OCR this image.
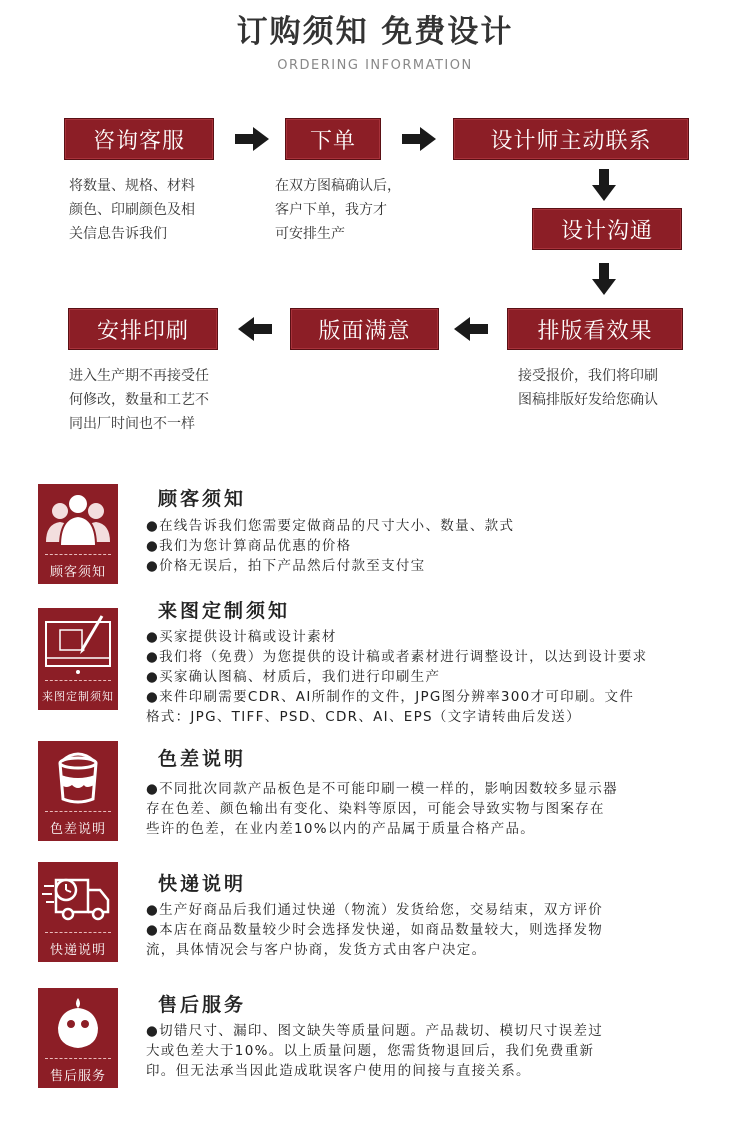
订购须知 免费设计
ORDERING INFORMATION
咨询客服	下单	设计师主动联系
设计沟通
排版看效果
版面满意
安排印刷
将数量、规格、材料
颜色、印刷颜色及相
关信息告诉我们
在双方图稿确认后，
客户下单，我方才
可安排生产
接受报价，我们将印刷
图稿排版好发给您确认
进入生产期不再接受任
何修改，数量和工艺不
同出厂时间也不一样
顾客须知
顾客须知
●在线告诉我们您需要定做商品的尺寸大小、数量、款式
●我们为您计算商品优惠的价格
●价格无误后，拍下产品然后付款至支付宝
来图定制须知
来图定制须知
●买家提供设计稿或设计素材
●我们将（免费）为您提供的设计稿或者素材进行调整设计，以达到设计要求
●买家确认图稿、材质后，我们进行印刷生产
●来件印刷需要CDR、AI所制作的文件，JPG图分辨率300才可印刷。文件
格式：JPG、TIFF、PSD、CDR、AI、EPS（文字请转曲后发送）
色差说明
色差说明
●不同批次同款产品板色是不可能印刷一模一样的，影响因数较多显示器
存在色差、颜色输出有变化、染料等原因，可能会导致实物与图案存在
些许的色差，在业内差10%以内的产品属于质量合格产品。
快递说明
快递说明
●生产好商品后我们通过快递（物流）发货给您，交易结束，双方评价
●本店在商品数量较少时会选择发快递，如商品数量较大，则选择发物
流，具体情况会与客户协商，发货方式由客户决定。
售后服务
售后服务
●切错尺寸、漏印、图文缺失等质量问题。产品裁切、模切尺寸误差过
大或色差大于10%。以上质量问题，您需货物退回后，我们免费重新
印。但无法承当因此造成耽误客户使用的间接与直接关系。
